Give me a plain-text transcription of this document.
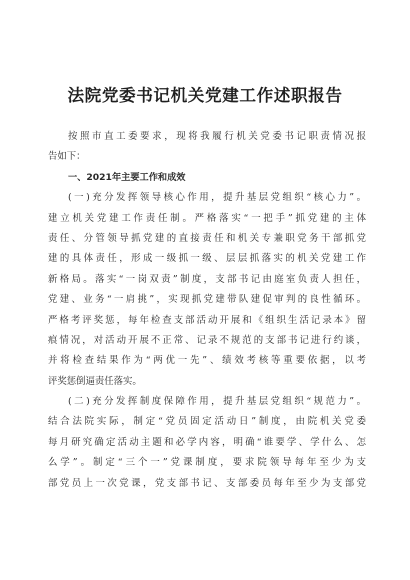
法院党委书记机关党建工作述职报告
按照市直工委要求，现将我履行机关党委书记职责情况报
告如下：
一、2021年主要工作和成效
(一)充分发挥领导核心作用，提升基层党组织“核心力”。
建立机关党建工作责任制。严格落实“一把手”抓党建的主体
责任、分管领导抓党建的直接责任和机关专兼职党务干部抓党
建的具体责任，形成一级抓一级、层层抓落实的机关党建工作
新格局。落实“一岗双责”制度，支部书记由庭室负责人担任，
党建、业务“一肩挑”，实现抓党建带队建促审判的良性循环。
严格考评奖惩，每年检查支部活动开展和《组织生活记录本》留
痕情况，对活动开展不正常、记录不规范的支部书记进行约谈，
并将检查结果作为“两优一先”、绩效考核等重要依据，以考
评奖惩倒逼责任落实。
(二)充分发挥制度保障作用，提升基层党组织“规范力”。
结合法院实际，制定“党员固定活动日”制度，由院机关党委
每月研究确定活动主题和必学内容，明确“谁要学、学什么、怎
么学”。制定“三个一”党课制度，要求院领导每年至少为支
部党员上一次党课，党支部书记、支部委员每年至少为支部党
